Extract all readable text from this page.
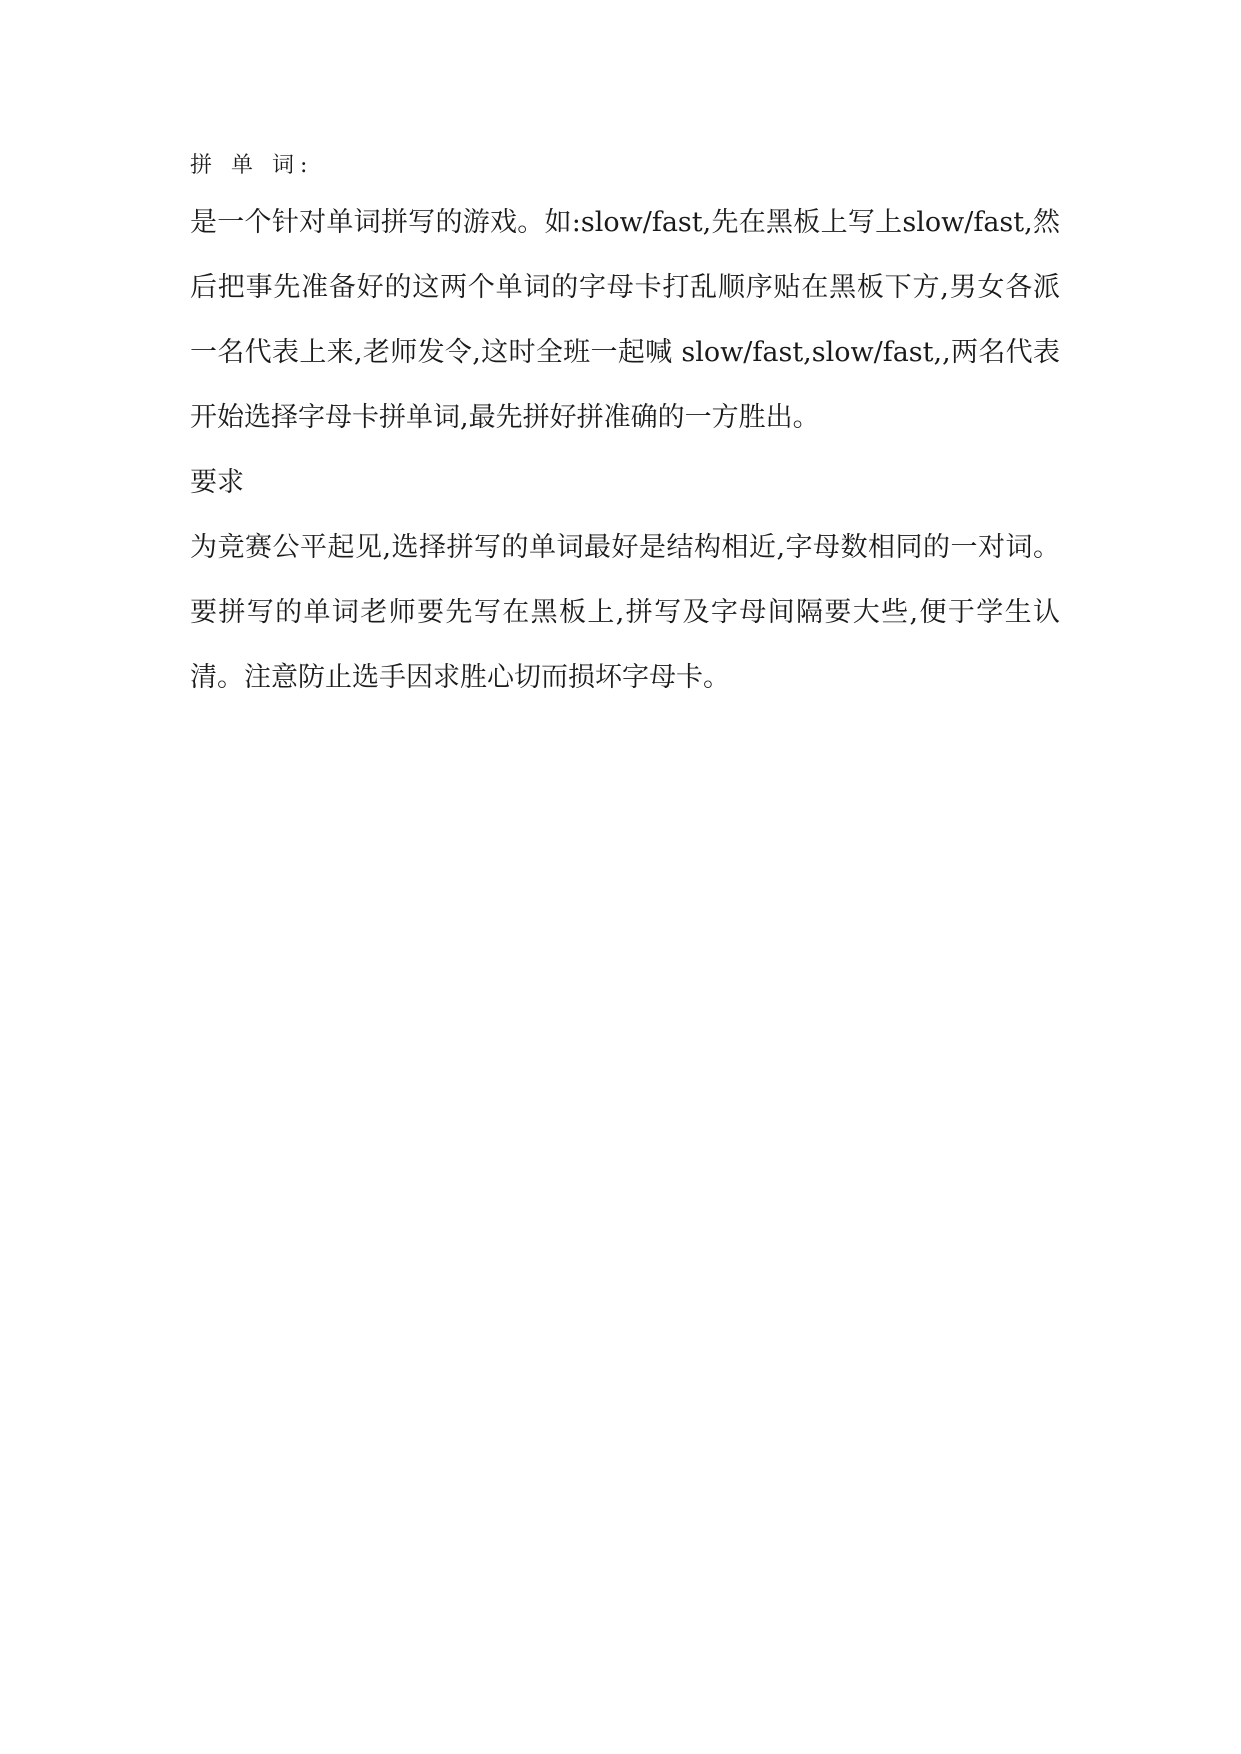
拼 单 词:

是一个针对单词拼写的游戏。如:slow/fast,先在黑板上写上slow/fast,然后把事先准备好的这两个单词的字母卡打乱顺序贴在黑板下方,男女各派一名代表上来,老师发令,这时全班一起喊 slow/fast,slow/fast,,两名代表开始选择字母卡拼单词,最先拼好拼准确的一方胜出。

要求

为竞赛公平起见,选择拼写的单词最好是结构相近,字母数相同的一对词。要拼写的单词老师要先写在黑板上,拼写及字母间隔要大些,便于学生认清。注意防止选手因求胜心切而损坏字母卡。
